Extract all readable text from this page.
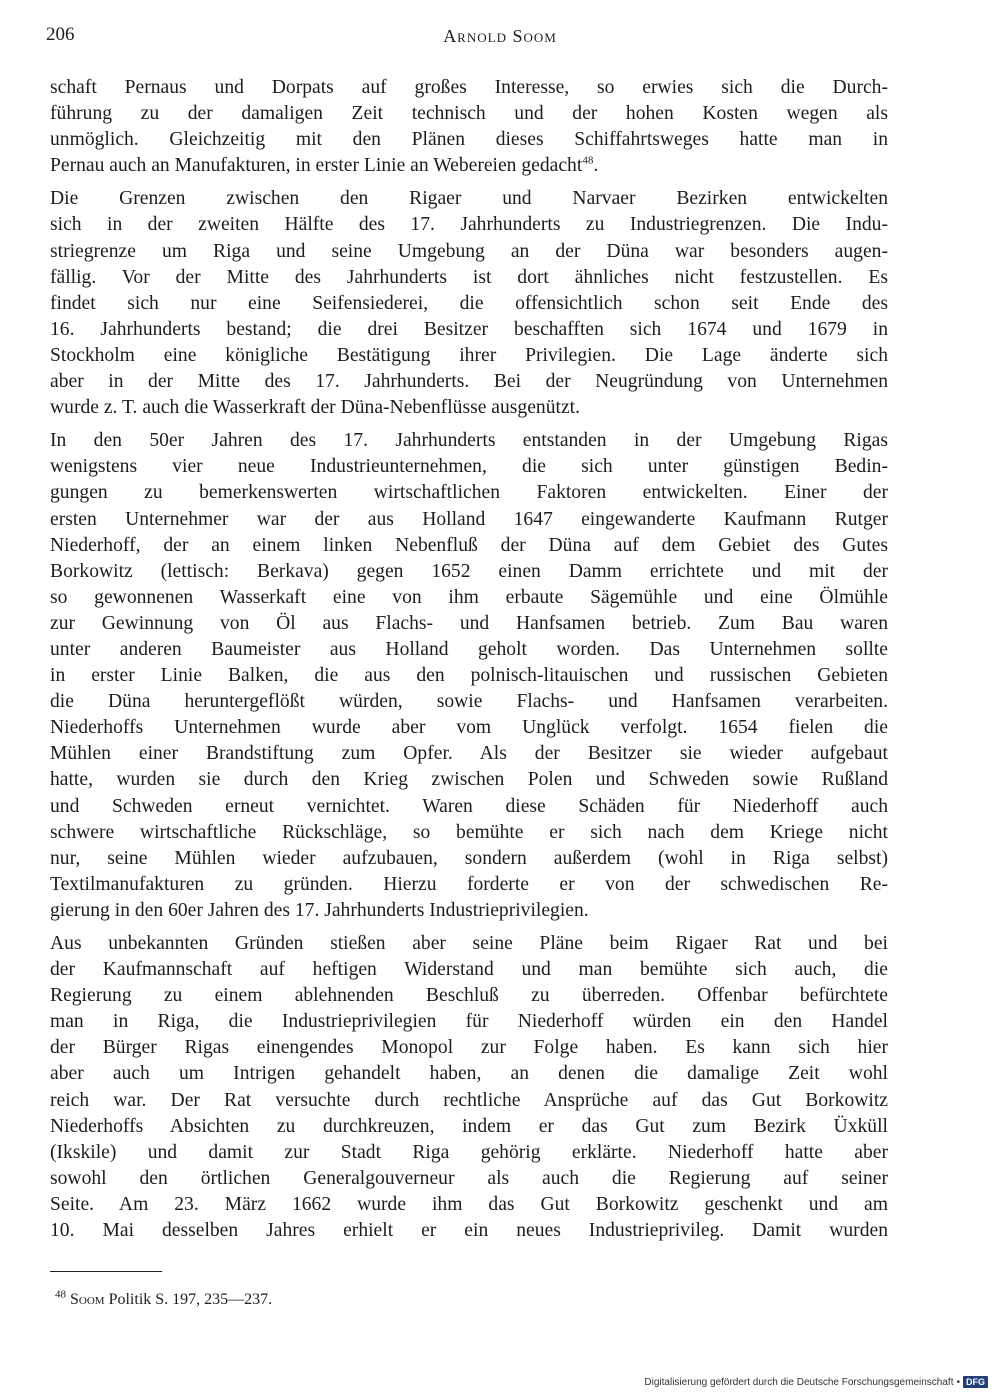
206	Arnold Soom
schaft Pernaus und Dorpats auf großes Interesse, so erwies sich die Durch-
führung zu der damaligen Zeit technisch und der hohen Kosten wegen als
unmöglich. Gleichzeitig mit den Plänen dieses Schiffahrtsweges hatte man in
Pernau auch an Manufakturen, in erster Linie an Webereien gedacht$^{48}$.
Die Grenzen zwischen den Rigaer und Narvaer Bezirken entwickelten
sich in der zweiten Hälfte des 17. Jahrhunderts zu Industriegrenzen. Die Indu-
striegrenze um Riga und seine Umgebung an der Düna war besonders augen-
fällig. Vor der Mitte des Jahrhunderts ist dort ähnliches nicht festzustellen. Es
findet sich nur eine Seifensiederei, die offensichtlich schon seit Ende des
16. Jahrhunderts bestand; die drei Besitzer beschafften sich 1674 und 1679 in
Stockholm eine königliche Bestätigung ihrer Privilegien. Die Lage änderte sich
aber in der Mitte des 17. Jahrhunderts. Bei der Neugründung von Unternehmen
wurde z. T. auch die Wasserkraft der Düna-Nebenflüsse ausgenützt.
In den 50er Jahren des 17. Jahrhunderts entstanden in der Umgebung Rigas
wenigstens vier neue Industrieunternehmen, die sich unter günstigen Bedin-
gungen zu bemerkenswerten wirtschaftlichen Faktoren entwickelten. Einer der
ersten Unternehmer war der aus Holland 1647 eingewanderte Kaufmann Rutger
Niederhoff, der an einem linken Nebenfluß der Düna auf dem Gebiet des Gutes
Borkowitz (lettisch: Berkava) gegen 1652 einen Damm errichtete und mit der
so gewonnenen Wasserkaft eine von ihm erbaute Sägemühle und eine Ölmühle
zur Gewinnung von Öl aus Flachs- und Hanfsamen betrieb. Zum Bau waren
unter anderen Baumeister aus Holland geholt worden. Das Unternehmen sollte
in erster Linie Balken, die aus den polnisch-litauischen und russischen Gebieten
die Düna heruntergeflößt würden, sowie Flachs- und Hanfsamen verarbeiten.
Niederhoffs Unternehmen wurde aber vom Unglück verfolgt. 1654 fielen die
Mühlen einer Brandstiftung zum Opfer. Als der Besitzer sie wieder aufgebaut
hatte, wurden sie durch den Krieg zwischen Polen und Schweden sowie Rußland
und Schweden erneut vernichtet. Waren diese Schäden für Niederhoff auch
schwere wirtschaftliche Rückschläge, so bemühte er sich nach dem Kriege nicht
nur, seine Mühlen wieder aufzubauen, sondern außerdem (wohl in Riga selbst)
Textilmanufakturen zu gründen. Hierzu forderte er von der schwedischen Re-
gierung in den 60er Jahren des 17. Jahrhunderts Industrieprivilegien.
Aus unbekannten Gründen stießen aber seine Pläne beim Rigaer Rat und bei
der Kaufmannschaft auf heftigen Widerstand und man bemühte sich auch, die
Regierung zu einem ablehnenden Beschluß zu überreden. Offenbar befürchtete
man in Riga, die Industrieprivilegien für Niederhoff würden ein den Handel
der Bürger Rigas einengendes Monopol zur Folge haben. Es kann sich hier
aber auch um Intrigen gehandelt haben, an denen die damalige Zeit wohl
reich war. Der Rat versuchte durch rechtliche Ansprüche auf das Gut Borkowitz
Niederhoffs Absichten zu durchkreuzen, indem er das Gut zum Bezirk Üxküll
(Ikskile) und damit zur Stadt Riga gehörig erklärte. Niederhoff hatte aber
sowohl den örtlichen Generalgouverneur als auch die Regierung auf seiner
Seite. Am 23. März 1662 wurde ihm das Gut Borkowitz geschenkt und am
10. Mai desselben Jahres erhielt er ein neues Industrieprivileg. Damit wurden
$^{48}$ Soom Politik S. 197, 235—237.
Digitalisierung gefördert durch die Deutsche Forschungsgemeinschaft • DFG
